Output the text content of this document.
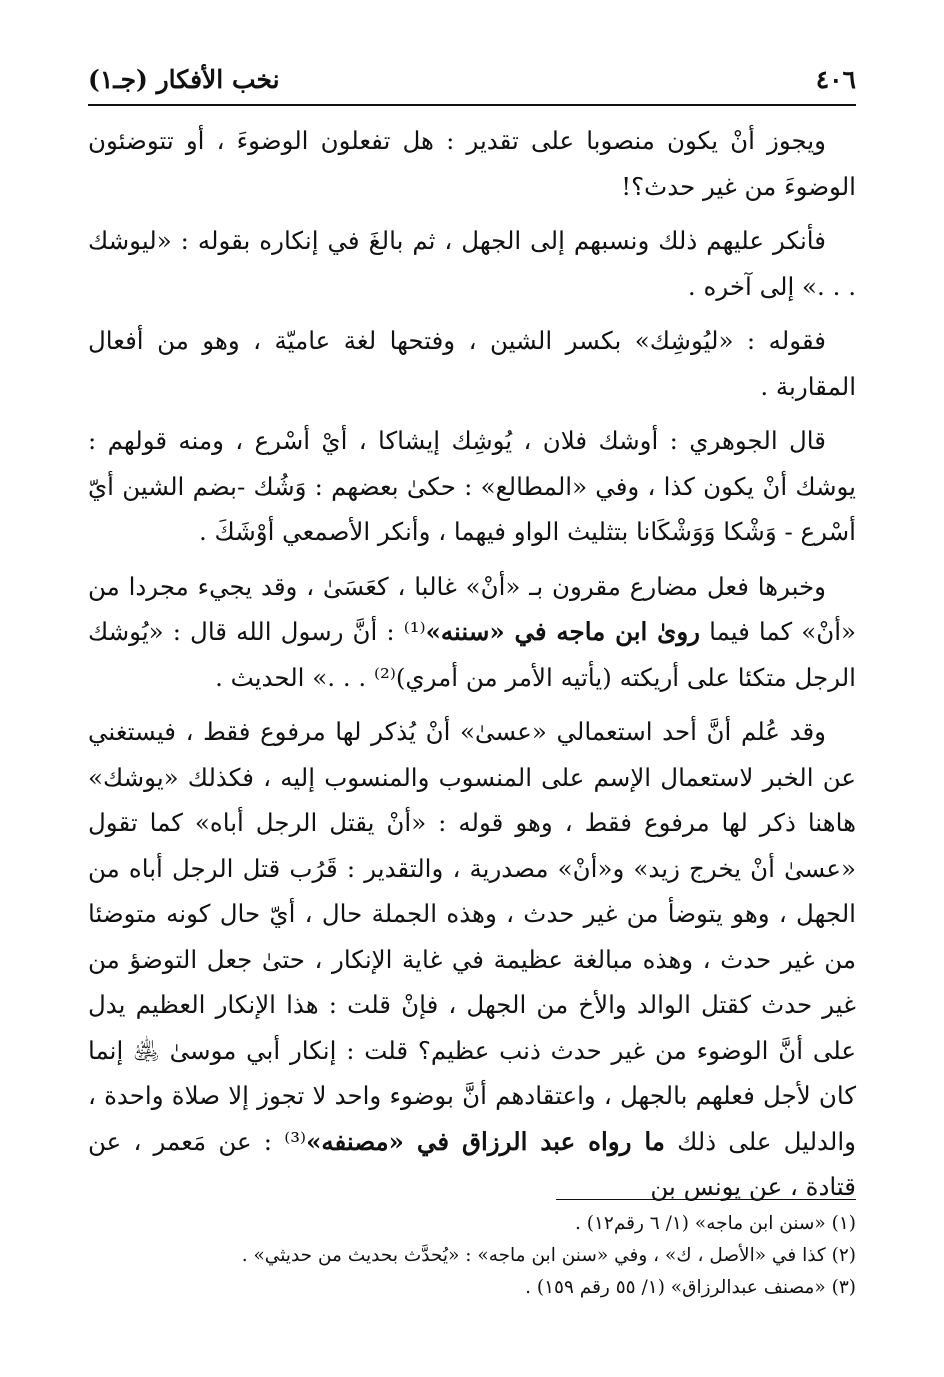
٤٠٦
نخب الأفكار (جـ١)

ويجوز أنْ يكون منصوبا على تقدير : هل تفعلون الوضوءَ ، أو تتوضئون الوضوءَ من غير حدث؟!

فأنكر عليهم ذلك ونسبهم إلى الجهل ، ثم بالغَ في إنكاره بقوله : «ليوشك . . .» إلى آخره .

فقوله : «ليُوشِك» بكسر الشين ، وفتحها لغة عاميّة ، وهو من أفعال المقاربة .

قال الجوهري : أوشك فلان ، يُوشِك إيشاكا ، أيْ أسْرع ، ومنه قولهم : يوشك أنْ يكون كذا ، وفي «المطالع» : حكىٰ بعضهم : وَشُك -بضم الشين أيّ أسْرع - وَشْكا وَوَشْكَانا بتثليث الواو فيهما ، وأنكر الأصمعي أوْشَكَ .

وخبرها فعل مضارع مقرون بـ «أنْ» غالبا ، كعَسَىٰ ، وقد يجيء مجردا من «أنْ» كما فيما روىٰ ابن ماجه في «سننه»⁽¹⁾ : أنَّ رسول الله قال : «يُوشك الرجل متكئا على أريكته (يأتيه الأمر من أمري)⁽²⁾ . . .» الحديث .

وقد عُلم أنَّ أحد استعمالي «عسىٰ» أنْ يُذكر لها مرفوع فقط ، فيستغني عن الخبر لاستعمال الإسم على المنسوب والمنسوب إليه ، فكذلك «يوشك» هاهنا ذكر لها مرفوع فقط ، وهو قوله : «أنْ يقتل الرجل أباه» كما تقول «عسىٰ أنْ يخرج زيد» و«أنْ» مصدرية ، والتقدير : قَرُب قتل الرجل أباه من الجهل ، وهو يتوضأ من غير حدث ، وهذه الجملة حال ، أيّ حال كونه متوضئا من غير حدث ، وهذه مبالغة عظيمة في غاية الإنكار ، حتىٰ جعل التوضؤ من غير حدث كقتل الوالد والأخ من الجهل ، فإنْ قلت : هذا الإنكار العظيم يدل على أنَّ الوضوء من غير حدث ذنب عظيم؟ قلت : إنكار أبي موسىٰ ﵁ إنما كان لأجل فعلهم بالجهل ، واعتقادهم أنَّ بوضوء واحد لا تجوز إلا صلاة واحدة ، والدليل على ذلك ما رواه عبد الرزاق في «مصنفه»⁽³⁾ : عن مَعمر ، عن قتادة ، عن يونس بن

(١) «سنن ابن ماجه» (١/ ٦ رقم١٢) .

(٢) كذا في «الأصل ، ك» ، وفي «سنن ابن ماجه» : «يُحدَّث بحديث من حديثي» .

(٣) «مصنف عبدالرزاق» (١/ ٥٥ رقم ١٥٩) .
